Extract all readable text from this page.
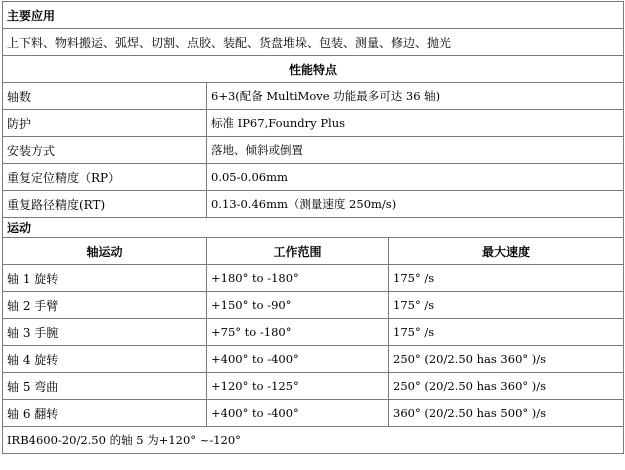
主要应用		
上下料、物料搬运、弧焊、切割、点胶、装配、货盘堆垛、包装、测量、修边、抛光		
性能特点		
轴数	6+3(配备 MultiMove 功能最多可达 36 轴)	
防护	标准 IP67,Foundry Plus	
安装方式	落地、倾斜或倒置	
重复定位精度（RP）	0.05-0.06mm	
重复路径精度(RT)	0.13-0.46mm（测量速度 250m/s)	
运动		
轴运动	工作范围	最大速度
轴 1 旋转	+180° to -180°	175° /s
轴 2 手臂	+150° to -90°	175° /s
轴 3 手腕	+75° to -180°	175° /s
轴 4 旋转	+400° to -400°	250° (20/2.50 has 360° )/s
轴 5 弯曲	+120° to -125°	250° (20/2.50 has 360° )/s
轴 6 翻转	+400° to -400°	360° (20/2.50 has 500° )/s
IRB4600-20/2.50 的轴 5 为+120° ~-120°		
